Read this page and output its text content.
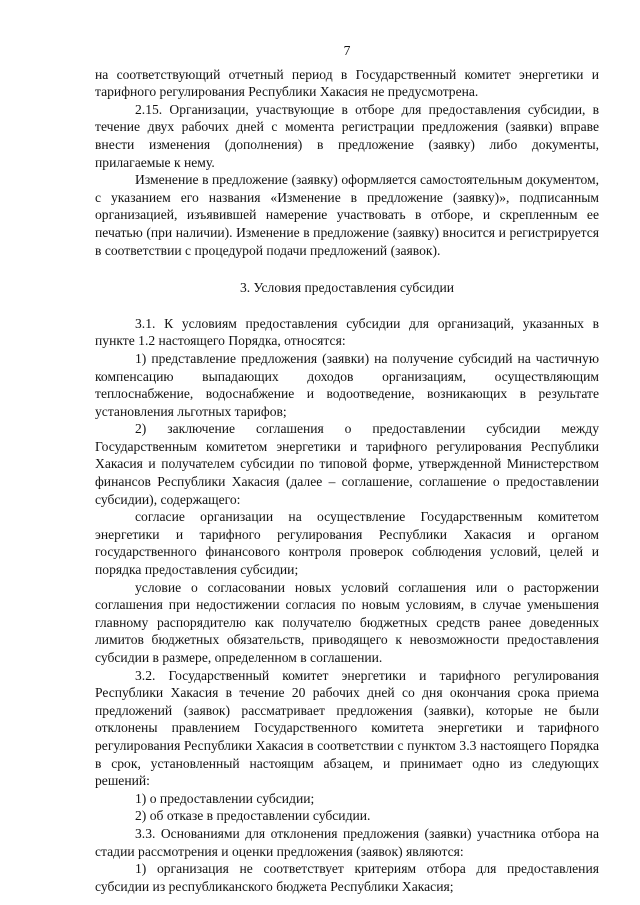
7

на соответствующий отчетный период в Государственный комитет энергетики и тарифного регулирования Республики Хакасия не предусмотрена.

2.15. Организации, участвующие в отборе для предоставления субсидии, в течение двух рабочих дней с момента регистрации предложения (заявки) вправе внести изменения (дополнения) в предложение (заявку) либо документы, прилагаемые к нему.

Изменение в предложение (заявку) оформляется самостоятельным документом, с указанием его названия «Изменение в предложение (заявку)», подписанным организацией, изъявившей намерение участвовать в отборе, и скрепленным ее печатью (при наличии). Изменение в предложение (заявку) вносится и регистрируется в соответствии с процедурой подачи предложений (заявок).

3. Условия предоставления субсидии

3.1. К условиям предоставления субсидии для организаций, указанных в пункте 1.2 настоящего Порядка, относятся:

1) представление предложения (заявки) на получение субсидий на частичную компенсацию выпадающих доходов организациям, осуществляющим теплоснабжение, водоснабжение и водоотведение, возникающих в результате установления льготных тарифов;

2) заключение соглашения о предоставлении субсидии между Государственным комитетом энергетики и тарифного регулирования Республики Хакасия и получателем субсидии по типовой форме, утвержденной Министерством финансов Республики Хакасия (далее – соглашение, соглашение о предоставлении субсидии), содержащего:

согласие организации на осуществление Государственным комитетом энергетики и тарифного регулирования Республики Хакасия и органом государственного финансового контроля проверок соблюдения условий, целей и порядка предоставления субсидии;

условие о согласовании новых условий соглашения или о расторжении соглашения при недостижении согласия по новым условиям, в случае уменьшения главному распорядителю как получателю бюджетных средств ранее доведенных лимитов бюджетных обязательств, приводящего к невозможности предоставления субсидии в размере, определенном в соглашении.

3.2. Государственный комитет энергетики и тарифного регулирования Республики Хакасия в течение 20 рабочих дней со дня окончания срока приема предложений (заявок) рассматривает предложения (заявки), которые не были отклонены правлением Государственного комитета энергетики и тарифного регулирования Республики Хакасия в соответствии с пунктом 3.3 настоящего Порядка в срок, установленный настоящим абзацем, и принимает одно из следующих решений:

1) о предоставлении субсидии;

2) об отказе в предоставлении субсидии.

3.3. Основаниями для отклонения предложения (заявки) участника отбора на стадии рассмотрения и оценки предложения (заявок) являются:

1) организация не соответствует критериям отбора для предоставления субсидии из республиканского бюджета Республики Хакасия;
